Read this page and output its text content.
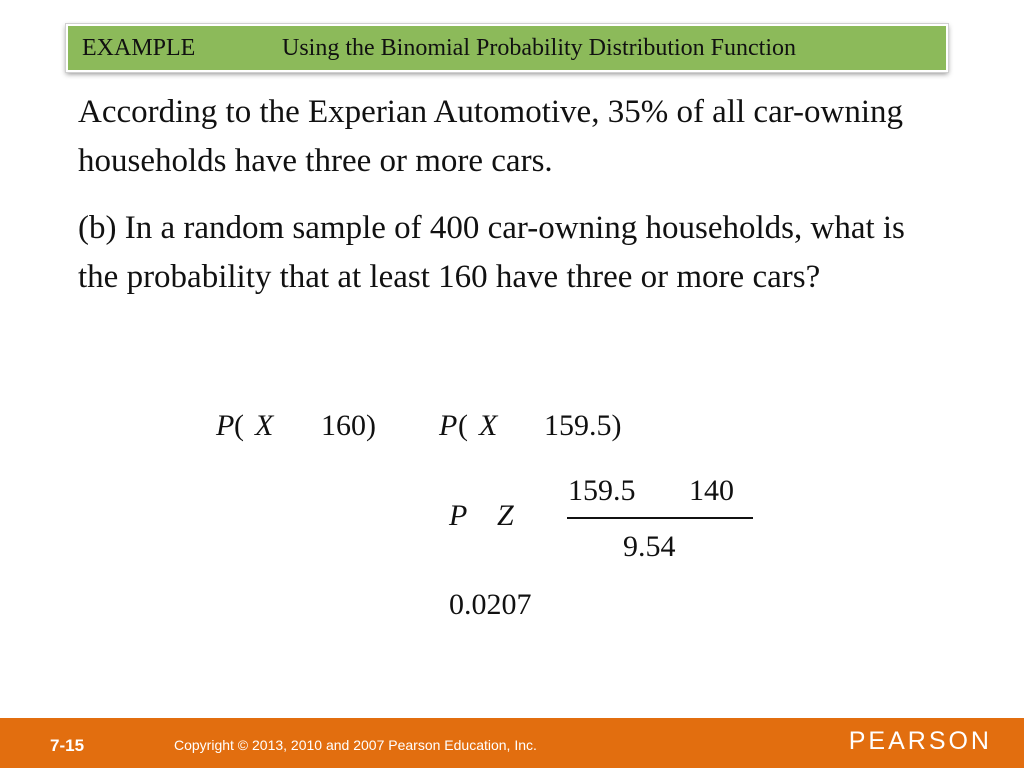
EXAMPLE	Using the Binomial Probability Distribution Function

According to the Experian Automotive, 35% of all car-owning households have three or more cars.

(b) In a random sample of 400 car-owning households, what is the probability that at least 160 have three or more cars?

P ( X 160) P ( X 159.5)
P Z
159.5 140
9.54
0.0207
7-15	Copyright © 2013, 2010 and 2007 Pearson Education, Inc.	PEARSON
